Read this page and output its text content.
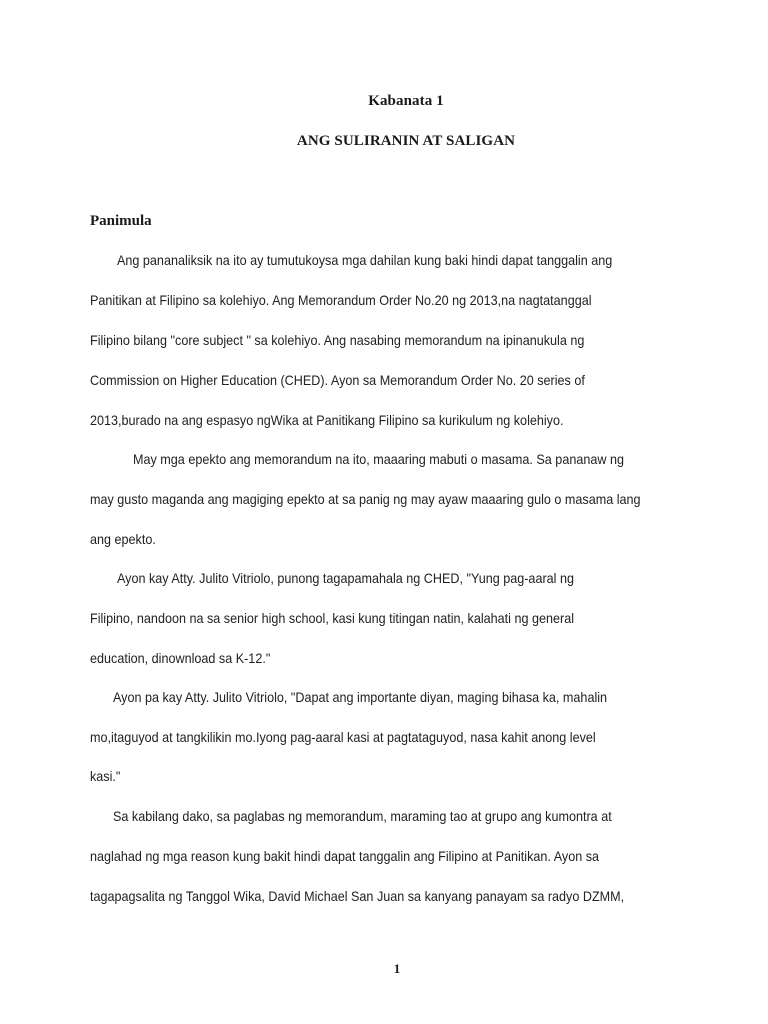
Kabanata 1
ANG SULIRANIN AT SALIGAN
Panimula
Ang pananaliksik na ito ay tumutukoysa mga dahilan kung baki hindi dapat tanggalin ang
Panitikan at Filipino sa kolehiyo. Ang Memorandum Order No.20 ng 2013,na nagtatanggal
Filipino bilang "core subject " sa kolehiyo. Ang nasabing memorandum na ipinanukula ng
Commission on Higher Education (CHED). Ayon sa Memorandum Order No. 20 series of
2013,burado na ang espasyo ngWika at Panitikang Filipino sa kurikulum ng kolehiyo.
May mga epekto ang memorandum na ito, maaaring mabuti o masama. Sa pananaw ng
may gusto maganda ang magiging epekto at sa panig ng may ayaw maaaring gulo o masama lang
ang epekto.
Ayon kay Atty. Julito Vitriolo, punong tagapamahala ng CHED, "Yung pag-aaral ng
Filipino, nandoon na sa senior high school, kasi kung titingan natin, kalahati ng general
education, dinownload sa K-12."
Ayon pa kay Atty. Julito Vitriolo, "Dapat ang importante diyan, maging bihasa ka, mahalin
mo,itaguyod at tangkilikin mo.Iyong pag-aaral kasi at pagtataguyod, nasa kahit anong level
kasi."
Sa kabilang dako, sa paglabas ng memorandum, maraming tao at grupo ang kumontra at
naglahad ng mga reason kung bakit hindi dapat tanggalin ang Filipino at Panitikan. Ayon sa
tagapagsalita ng Tanggol Wika, David Michael San Juan sa kanyang panayam sa radyo DZMM,
1
